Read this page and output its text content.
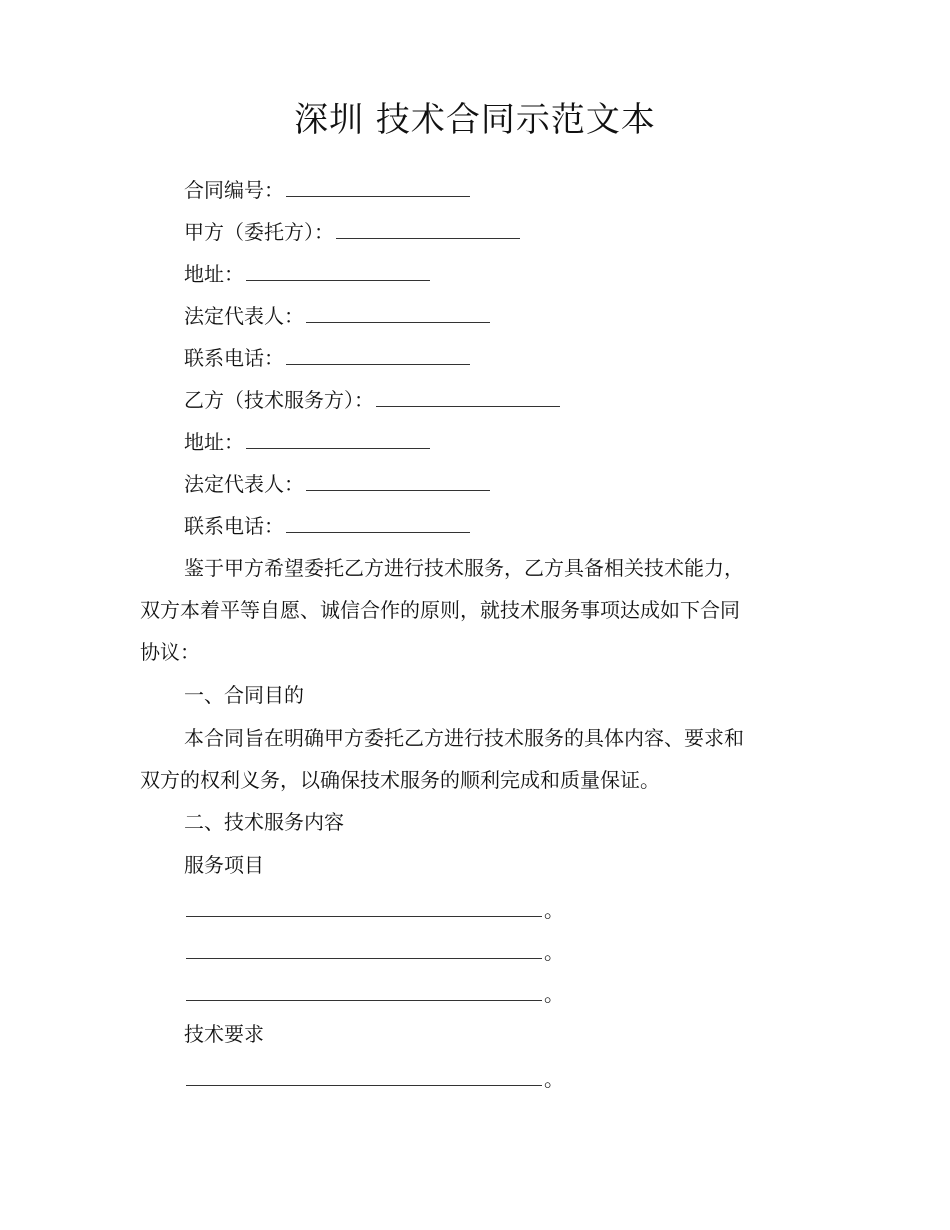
深圳 技术合同示范文本
合同编号：
甲方（委托方）：
地址：
法定代表人：
联系电话：
乙方（技术服务方）：
地址：
法定代表人：
联系电话：
鉴于甲方希望委托乙方进行技术服务，乙方具备相关技术能力，
双方本着平等自愿、诚信合作的原则，就技术服务事项达成如下合同
协议：
一、合同目的
本合同旨在明确甲方委托乙方进行技术服务的具体内容、要求和
双方的权利义务，以确保技术服务的顺利完成和质量保证。
二、技术服务内容
服务项目
。
。
。
技术要求
。
